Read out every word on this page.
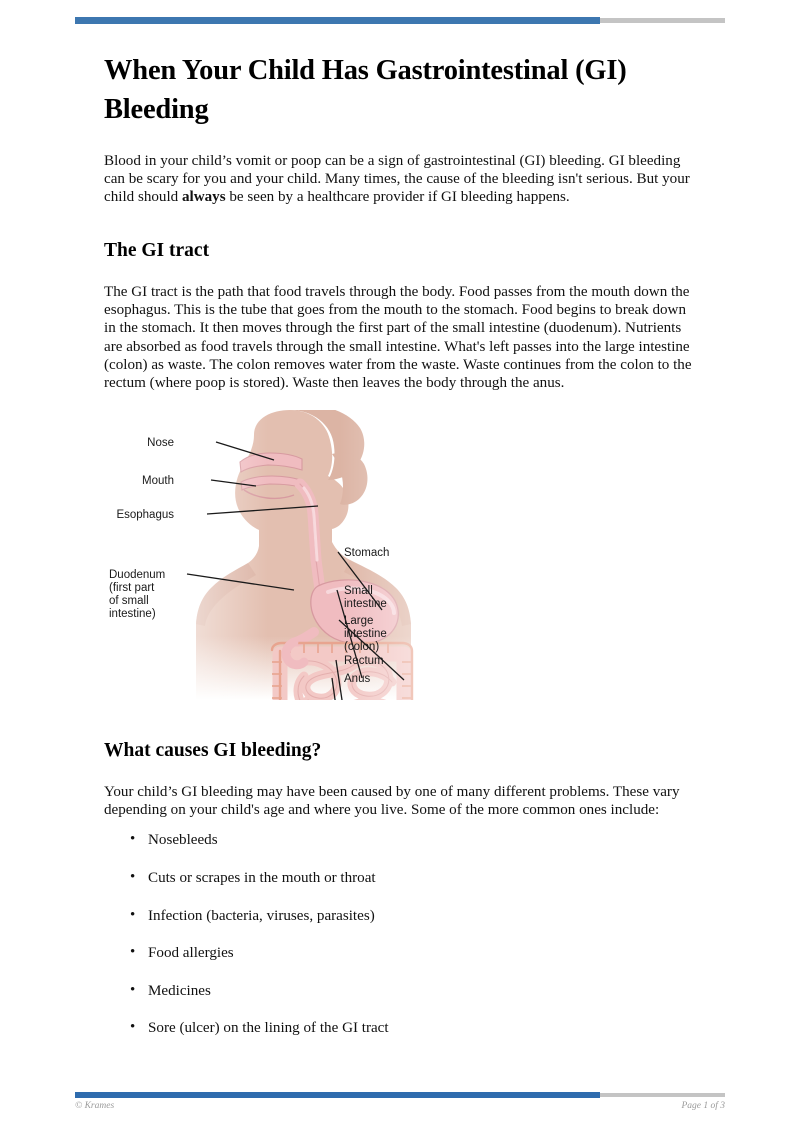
When Your Child Has Gastrointestinal (GI) Bleeding

Blood in your child’s vomit or poop can be a sign of gastrointestinal (GI) bleeding. GI bleeding can be scary for you and your child. Many times, the cause of the bleeding isn't serious. But your child should always be seen by a healthcare provider if GI bleeding happens.

The GI tract

The GI tract is the path that food travels through the body. Food passes from the mouth down the esophagus. This is the tube that goes from the mouth to the stomach. Food begins to break down in the stomach. It then moves through the first part of the small intestine (duodenum). Nutrients are absorbed as food travels through the small intestine. What's left passes into the large intestine (colon) as waste. The colon removes water from the waste. Waste continues from the colon to the rectum (where poop is stored). Waste then leaves the body through the anus.

Nose
Mouth
Esophagus
Duodenum
(first part
of small
intestine)
Stomach
Small
intestine
Large
intestine
(colon)
Rectum
Anus
What causes GI bleeding?

Your child’s GI bleeding may have been caused by one of many different problems. These vary depending on your child's age and where you live. Some of the more common ones include:

• Nosebleeds
• Cuts or scrapes in the mouth or throat
• Infection (bacteria, viruses, parasites)
• Food allergies
• Medicines
• Sore (ulcer) on the lining of the GI tract
© Krames	Page 1 of 3
